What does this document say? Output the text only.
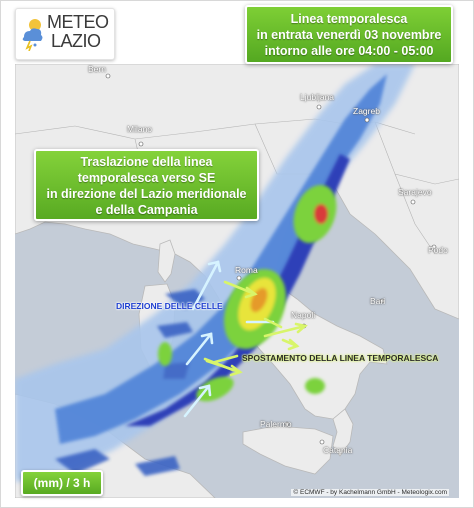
Bern
Ljubljana
Zagreb
Milano
Sarajevo
Roma
Podo
Bari
Napoli
Palermo
Catania
METEO
LAZIO
Linea temporalesca
in entrata venerdì 03 novembre
intorno alle ore 04:00 - 05:00
Traslazione della linea
temporalesca verso SE
in direzione del Lazio meridionale
e della Campania
DIREZIONE DELLE CELLE
SPOSTAMENTO DELLA LINEA TEMPORALESCA
(mm) / 3 h
© ECMWF - by Kachelmann GmbH - Meteologix.com
